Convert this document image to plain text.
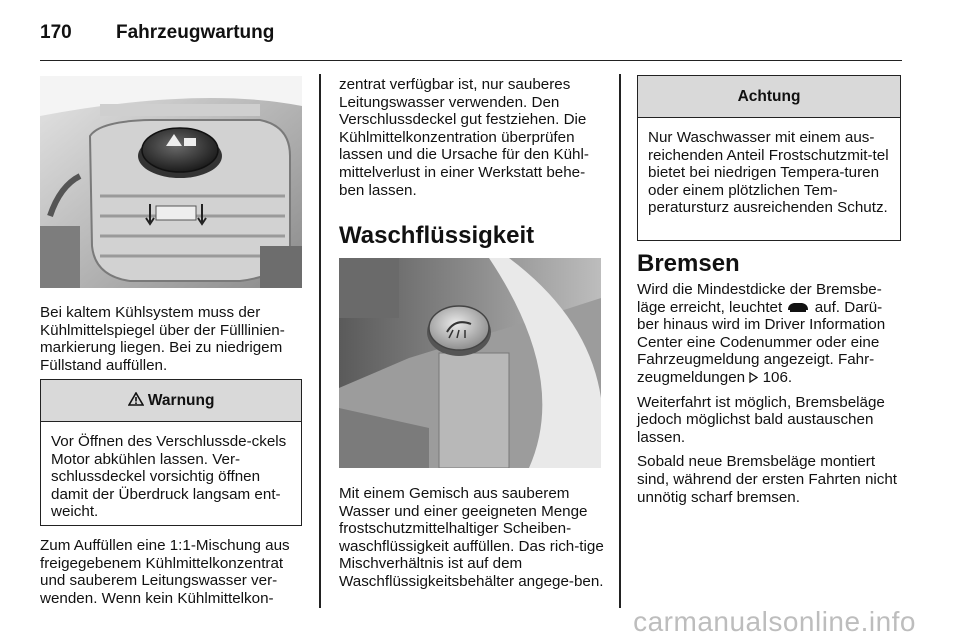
170 Fahrzeugwartung

Bei kaltem Kühlsystem muss der Kühlmittelspiegel über der Fülllinien-markierung liegen. Bei zu niedrigem Füllstand auffüllen.

Warnung
Vor Öffnen des Verschlussde-ckels Motor abkühlen lassen. Ver-schlussdeckel vorsichtig öffnen damit der Überdruck langsam ent-weicht.

Zum Auffüllen eine 1:1-Mischung aus freigegebenem Kühlmittelkonzentrat und sauberem Leitungswasser ver-wenden. Wenn kein Kühlmittelkon-

zentrat verfügbar ist, nur sauberes Leitungswasser verwenden. Den Verschlussdeckel gut festziehen. Die Kühlmittelkonzentration überprüfen lassen und die Ursache für den Kühl-mittelverlust in einer Werkstatt behe-ben lassen.

Waschflüssigkeit

Mit einem Gemisch aus sauberem Wasser und einer geeigneten Menge frostschutzmittelhaltiger Scheiben-waschflüssigkeit auffüllen. Das rich-tige Mischverhältnis ist auf dem Waschflüssigkeitsbehälter angege-ben.

Achtung
Nur Waschwasser mit einem aus-reichenden Anteil Frostschutzmit-tel bietet bei niedrigen Tempera-turen oder einem plötzlichen Tem-peratursturz ausreichenden Schutz.
Bremsen

Wird die Mindestdicke der Bremsbe-läge erreicht, leuchtet auf. Darü-ber hinaus wird im Driver Information Center eine Codenummer oder eine Fahrzeugmeldung angezeigt. Fahr-zeugmeldungen 106.

Weiterfahrt ist möglich, Bremsbeläge jedoch möglichst bald austauschen lassen.

Sobald neue Bremsbeläge montiert sind, während der ersten Fahrten nicht unnötig scharf bremsen.

carmanualsonline.info
